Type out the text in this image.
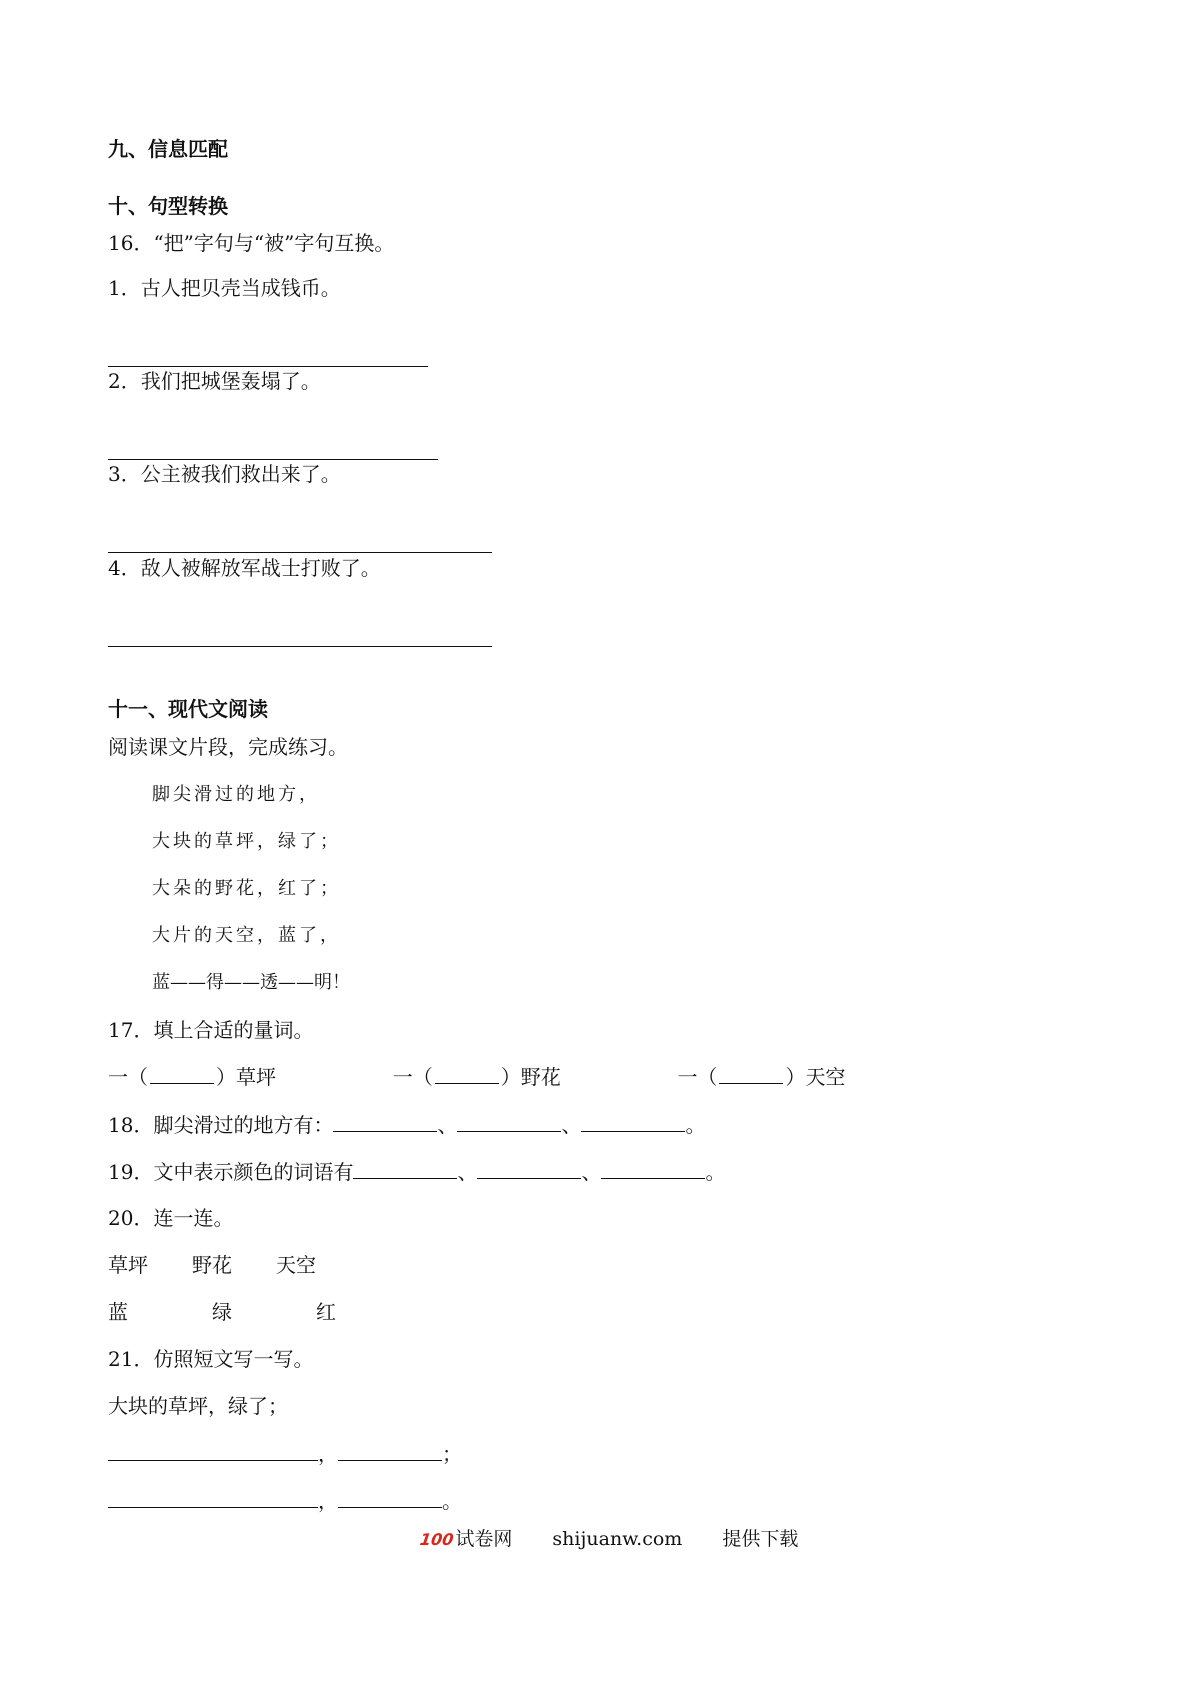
九、信息匹配
十、句型转换
16．“把”字句与“被”字句互换。
1．古人把贝壳当成钱币。
2．我们把城堡轰塌了。
3．公主被我们救出来了。
4．敌人被解放军战士打败了。
十一、现代文阅读
阅读课文片段，完成练习。
脚尖滑过的地方，
大块的草坪，绿了；
大朵的野花，红了；
大片的天空，蓝了，
蓝——得——透——明！
17．填上合适的量词。
一（	）草坪	一（	）野花	一（	）天空
18．脚尖滑过的地方有：	、	、	。
19．文中表示颜色的词语有	、	、	。
20．连一连。
草坪 野花 天空
蓝	绿	红
21．仿照短文写一写。
大块的草坪，绿了；
，	；
，	。
100试卷网 shijuanw.com 提供下载
